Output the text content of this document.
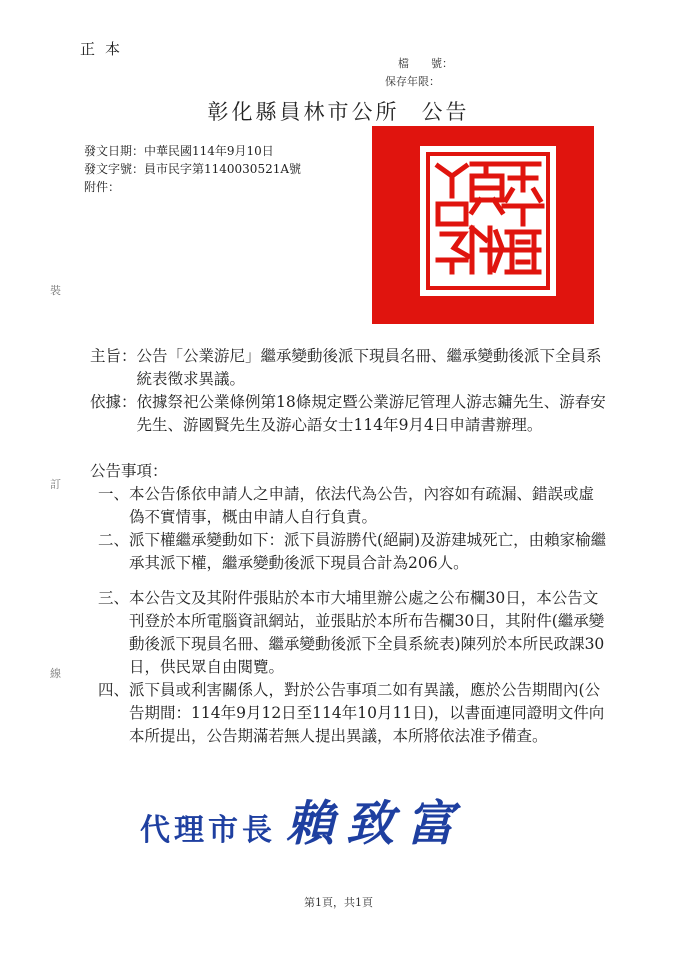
正本
檔　　號：
保存年限：
彰化縣員林市公所 公告
發文日期：中華民國114年9月10日
發文字號：員市民字第1140030521A號
附件：
裝
訂
線
主旨： 公告「公業游尼」繼承變動後派下現員名冊、繼承變動後派下全員系統表徵求異議。
依據： 依據祭祀公業條例第18條規定暨公業游尼管理人游志鏞先生、游春安先生、游國賢先生及游心語女士114年9月4日申請書辦理。
公告事項：
一、 本公告係依申請人之申請，依法代為公告，內容如有疏漏、錯誤或虛偽不實情事，概由申請人自行負責。
二、 派下權繼承變動如下：派下員游勝代(絕嗣)及游建城死亡，由賴家榆繼承其派下權，繼承變動後派下現員合計為206人。
三、 本公告文及其附件張貼於本市大埔里辦公處之公布欄30日，本公告文刊登於本所電腦資訊網站，並張貼於本所布告欄30日，其附件(繼承變動後派下現員名冊、繼承變動後派下全員系統表)陳列於本所民政課30日，供民眾自由閱覽。
四、 派下員或利害關係人，對於公告事項二如有異議，應於公告期間內(公告期間：114年9月12日至114年10月11日)，以書面連同證明文件向本所提出，公告期滿若無人提出異議，本所將依法准予備查。
代理市長 賴致富
第1頁，共1頁
